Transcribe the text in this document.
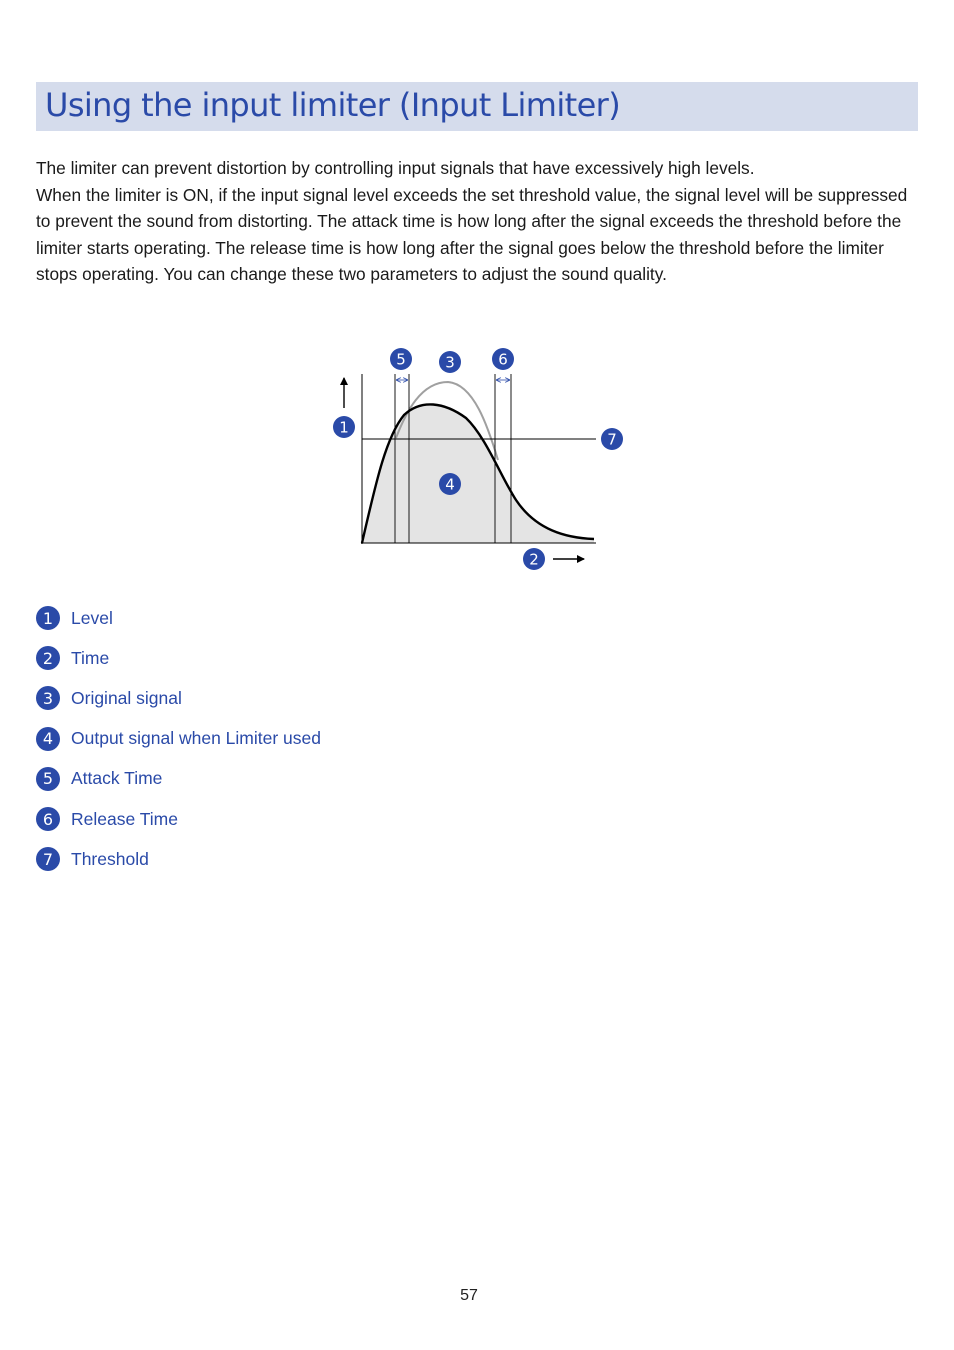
Using the input limiter (Input Limiter)

The limiter can prevent distortion by controlling input signals that have excessively high levels.

When the limiter is ON, if the input signal level exceeds the set threshold value, the signal level will be suppressed to prevent the sound from distorting. The attack time is how long after the signal exceeds the threshold before the limiter starts operating. The release time is how long after the signal goes below the threshold before the limiter stops operating. You can change these two parameters to adjust the sound quality.

1
2
3
4
5	6
7
1	Level
2	Time
3	Original signal
4	Output signal when Limiter used
5	Attack Time
6	Release Time
7	Threshold
57
